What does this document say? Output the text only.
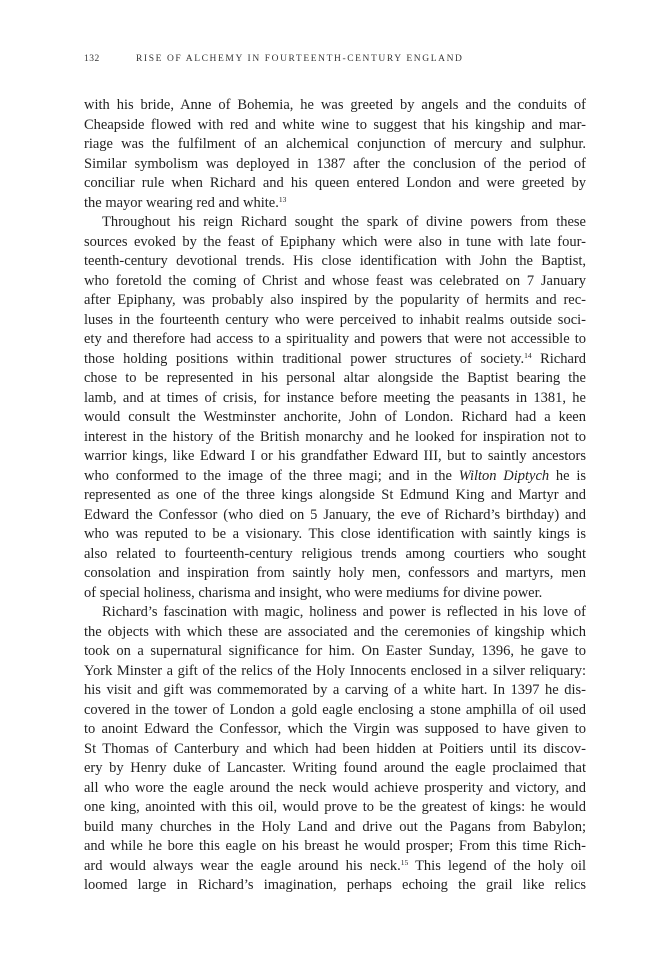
132	RISE OF ALCHEMY IN FOURTEENTH-CENTURY ENGLAND
with his bride, Anne of Bohemia, he was greeted by angels and the conduits of
Cheapside flowed with red and white wine to suggest that his kingship and mar-
riage was the fulfilment of an alchemical conjunction of mercury and sulphur.
Similar symbolism was deployed in 1387 after the conclusion of the period of
conciliar rule when Richard and his queen entered London and were greeted by
the mayor wearing red and white.$^{13}$
Throughout his reign Richard sought the spark of divine powers from these
sources evoked by the feast of Epiphany which were also in tune with late four-
teenth-century devotional trends. His close identification with John the Baptist,
who foretold the coming of Christ and whose feast was celebrated on 7 January
after Epiphany, was probably also inspired by the popularity of hermits and rec-
luses in the fourteenth century who were perceived to inhabit realms outside soci-
ety and therefore had access to a spirituality and powers that were not accessible to
those holding positions within traditional power structures of society.$^{14}$ Richard
chose to be represented in his personal altar alongside the Baptist bearing the
lamb, and at times of crisis, for instance before meeting the peasants in 1381, he
would consult the Westminster anchorite, John of London. Richard had a keen
interest in the history of the British monarchy and he looked for inspiration not to
warrior kings, like Edward I or his grandfather Edward III, but to saintly ancestors
who conformed to the image of the three magi; and in the Wilton Diptych he is
represented as one of the three kings alongside St Edmund King and Martyr and
Edward the Confessor (who died on 5 January, the eve of Richard’s birthday) and
who was reputed to be a visionary. This close identification with saintly kings is
also related to fourteenth-century religious trends among courtiers who sought
consolation and inspiration from saintly holy men, confessors and martyrs, men
of special holiness, charisma and insight, who were mediums for divine power.
Richard’s fascination with magic, holiness and power is reflected in his love of
the objects with which these are associated and the ceremonies of kingship which
took on a supernatural significance for him. On Easter Sunday, 1396, he gave to
York Minster a gift of the relics of the Holy Innocents enclosed in a silver reliquary:
his visit and gift was commemorated by a carving of a white hart. In 1397 he dis-
covered in the tower of London a gold eagle enclosing a stone amphilla of oil used
to anoint Edward the Confessor, which the Virgin was supposed to have given to
St Thomas of Canterbury and which had been hidden at Poitiers until its discov-
ery by Henry duke of Lancaster. Writing found around the eagle proclaimed that
all who wore the eagle around the neck would achieve prosperity and victory, and
one king, anointed with this oil, would prove to be the greatest of kings: he would
build many churches in the Holy Land and drive out the Pagans from Babylon;
and while he bore this eagle on his breast he would prosper; From this time Rich-
ard would always wear the eagle around his neck.$^{15}$ This legend of the holy oil
loomed large in Richard’s imagination, perhaps echoing the grail like relics
